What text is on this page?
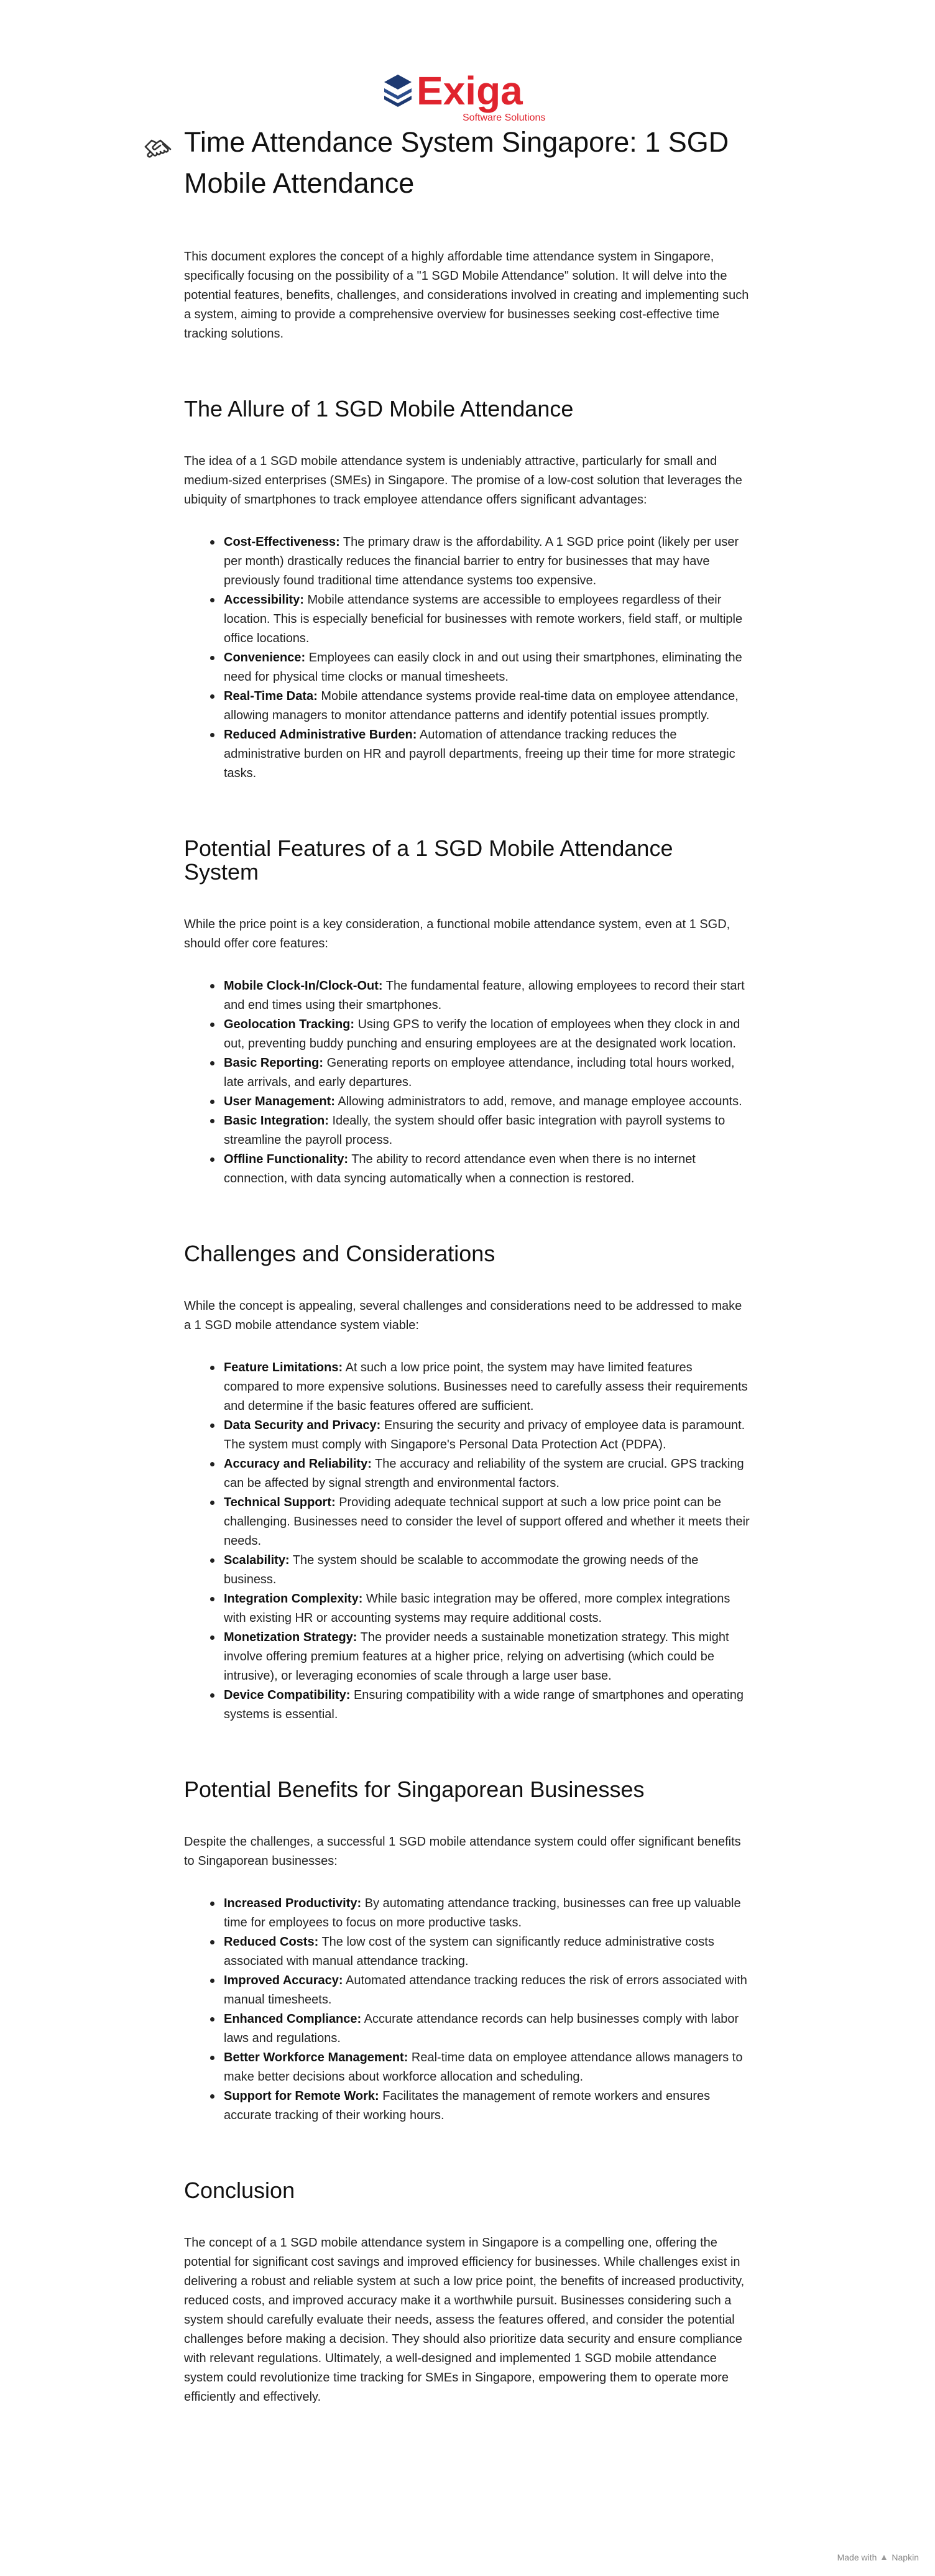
Exiga
Software Solutions
Time Attendance System Singapore: 1 SGD Mobile Attendance

This document explores the concept of a highly affordable time attendance system in Singapore, specifically focusing on the possibility of a "1 SGD Mobile Attendance" solution. It will delve into the potential features, benefits, challenges, and considerations involved in creating and implementing such a system, aiming to provide a comprehensive overview for businesses seeking cost-effective time tracking solutions.

The Allure of 1 SGD Mobile Attendance

The idea of a 1 SGD mobile attendance system is undeniably attractive, particularly for small and medium-sized enterprises (SMEs) in Singapore. The promise of a low-cost solution that leverages the ubiquity of smartphones to track employee attendance offers significant advantages:

Cost-Effectiveness: The primary draw is the affordability. A 1 SGD price point (likely per user per month) drastically reduces the financial barrier to entry for businesses that may have previously found traditional time attendance systems too expensive.
Accessibility: Mobile attendance systems are accessible to employees regardless of their location. This is especially beneficial for businesses with remote workers, field staff, or multiple office locations.
Convenience: Employees can easily clock in and out using their smartphones, eliminating the need for physical time clocks or manual timesheets.
Real-Time Data: Mobile attendance systems provide real-time data on employee attendance, allowing managers to monitor attendance patterns and identify potential issues promptly.
Reduced Administrative Burden: Automation of attendance tracking reduces the administrative burden on HR and payroll departments, freeing up their time for more strategic tasks.
Potential Features of a 1 SGD Mobile Attendance System

While the price point is a key consideration, a functional mobile attendance system, even at 1 SGD, should offer core features:

Mobile Clock-In/Clock-Out: The fundamental feature, allowing employees to record their start and end times using their smartphones.
Geolocation Tracking: Using GPS to verify the location of employees when they clock in and out, preventing buddy punching and ensuring employees are at the designated work location.
Basic Reporting: Generating reports on employee attendance, including total hours worked, late arrivals, and early departures.
User Management: Allowing administrators to add, remove, and manage employee accounts.
Basic Integration: Ideally, the system should offer basic integration with payroll systems to streamline the payroll process.
Offline Functionality: The ability to record attendance even when there is no internet connection, with data syncing automatically when a connection is restored.
Challenges and Considerations

While the concept is appealing, several challenges and considerations need to be addressed to make a 1 SGD mobile attendance system viable:

Feature Limitations: At such a low price point, the system may have limited features compared to more expensive solutions. Businesses need to carefully assess their requirements and determine if the basic features offered are sufficient.
Data Security and Privacy: Ensuring the security and privacy of employee data is paramount. The system must comply with Singapore's Personal Data Protection Act (PDPA).
Accuracy and Reliability: The accuracy and reliability of the system are crucial. GPS tracking can be affected by signal strength and environmental factors.
Technical Support: Providing adequate technical support at such a low price point can be challenging. Businesses need to consider the level of support offered and whether it meets their needs.
Scalability: The system should be scalable to accommodate the growing needs of the business.
Integration Complexity: While basic integration may be offered, more complex integrations with existing HR or accounting systems may require additional costs.
Monetization Strategy: The provider needs a sustainable monetization strategy. This might involve offering premium features at a higher price, relying on advertising (which could be intrusive), or leveraging economies of scale through a large user base.
Device Compatibility: Ensuring compatibility with a wide range of smartphones and operating systems is essential.
Potential Benefits for Singaporean Businesses

Despite the challenges, a successful 1 SGD mobile attendance system could offer significant benefits to Singaporean businesses:

Increased Productivity: By automating attendance tracking, businesses can free up valuable time for employees to focus on more productive tasks.
Reduced Costs: The low cost of the system can significantly reduce administrative costs associated with manual attendance tracking.
Improved Accuracy: Automated attendance tracking reduces the risk of errors associated with manual timesheets.
Enhanced Compliance: Accurate attendance records can help businesses comply with labor laws and regulations.
Better Workforce Management: Real-time data on employee attendance allows managers to make better decisions about workforce allocation and scheduling.
Support for Remote Work: Facilitates the management of remote workers and ensures accurate tracking of their working hours.
Conclusion

The concept of a 1 SGD mobile attendance system in Singapore is a compelling one, offering the potential for significant cost savings and improved efficiency for businesses. While challenges exist in delivering a robust and reliable system at such a low price point, the benefits of increased productivity, reduced costs, and improved accuracy make it a worthwhile pursuit. Businesses considering such a system should carefully evaluate their needs, assess the features offered, and consider the potential challenges before making a decision. They should also prioritize data security and ensure compliance with relevant regulations. Ultimately, a well-designed and implemented 1 SGD mobile attendance system could revolutionize time tracking for SMEs in Singapore, empowering them to operate more efficiently and effectively.

Made with Napkin
